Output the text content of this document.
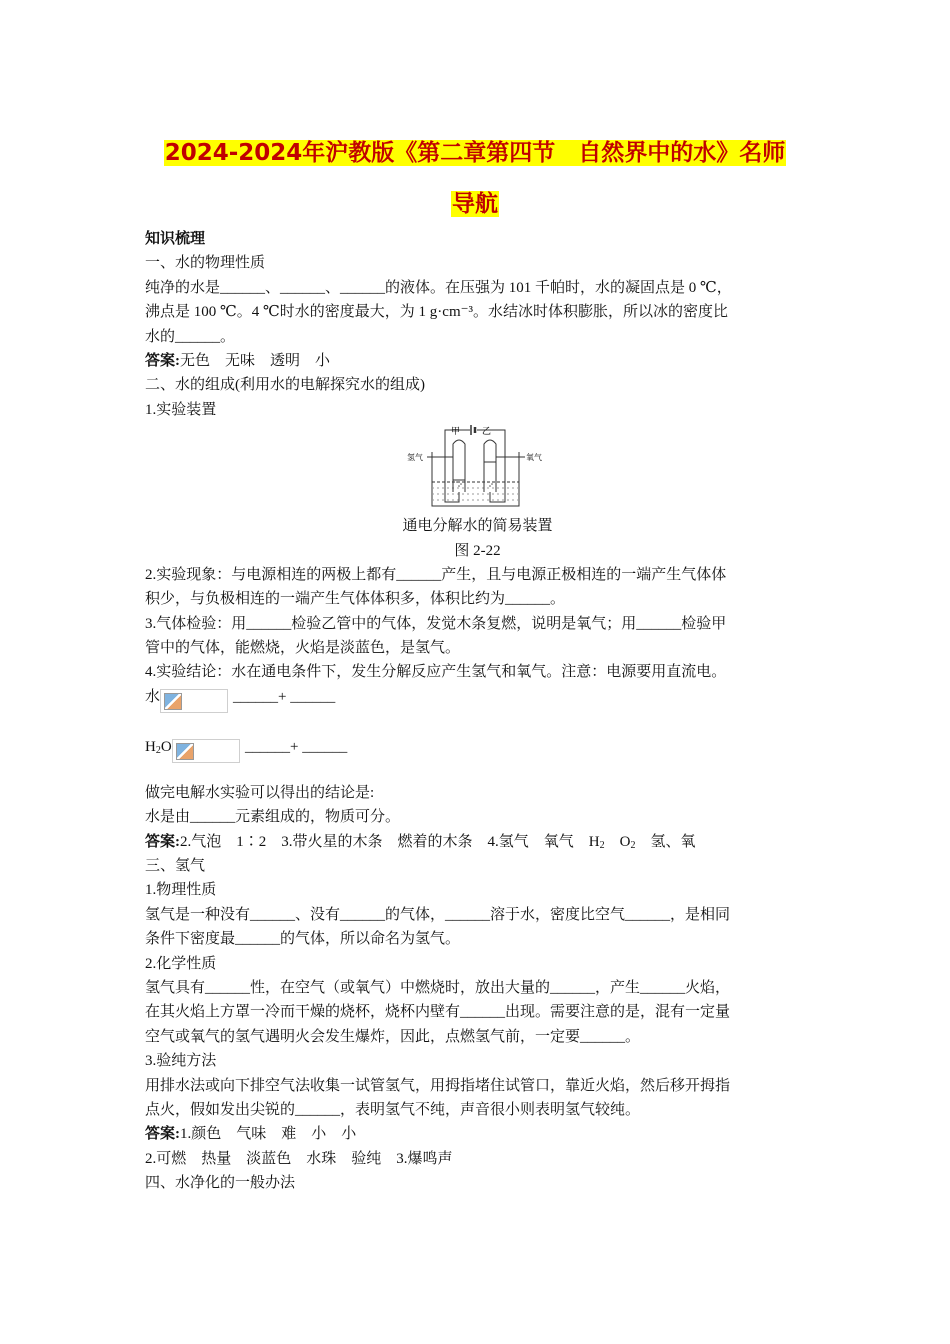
2024-2024年沪教版《第二章第四节　自然界中的水》名师
导航
知识梳理
一、水的物理性质
纯净的水是______、______、______的液体。在压强为 101 千帕时，水的凝固点是 0 ℃，
沸点是 100 ℃。4 ℃时水的密度最大，为 1 g·cm⁻³。水结冰时体积膨胀，所以冰的密度比
水的______。
答案:无色　无味　透明　小
二、水的组成(利用水的电解探究水的组成)
1.实验装置
甲 乙
氢气	氧气
通电分解水的简易装置
图 2-22
2.实验现象：与电源相连的两极上都有______产生，且与电源正极相连的一端产生气体体
积少，与负极相连的一端产生气体体积多，体积比约为______。
3.气体检验：用______检验乙管中的气体，发觉木条复燃，说明是氧气；用______检验甲
管中的气体，能燃烧，火焰是淡蓝色，是氢气。
4.实验结论：水在通电条件下，发生分解反应产生氢气和氧气。注意：电源要用直流电。
水	______+ ______
$H_2O$	______+ ______
做完电解水实验可以得出的结论是:
水是由______元素组成的，物质可分。
答案:2.气泡　1∶2　3.带火星的木条　燃着的木条　4.氢气　氧气　$H_2$　$O_2$　氢、氧
三、氢气
1.物理性质
氢气是一种没有______、没有______的气体，______溶于水，密度比空气______，是相同
条件下密度最______的气体，所以命名为氢气。
2.化学性质
氢气具有______性，在空气（或氧气）中燃烧时，放出大量的______，产生______火焰，
在其火焰上方罩一冷而干燥的烧杯，烧杯内壁有______出现。需要注意的是，混有一定量
空气或氧气的氢气遇明火会发生爆炸，因此，点燃氢气前，一定要______。
3.验纯方法
用排水法或向下排空气法收集一试管氢气，用拇指堵住试管口，靠近火焰，然后移开拇指
点火，假如发出尖锐的______，表明氢气不纯，声音很小则表明氢气较纯。
答案:1.颜色　气味　难　小　小
2.可燃　热量　淡蓝色　水珠　验纯　3.爆鸣声
四、水净化的一般办法
